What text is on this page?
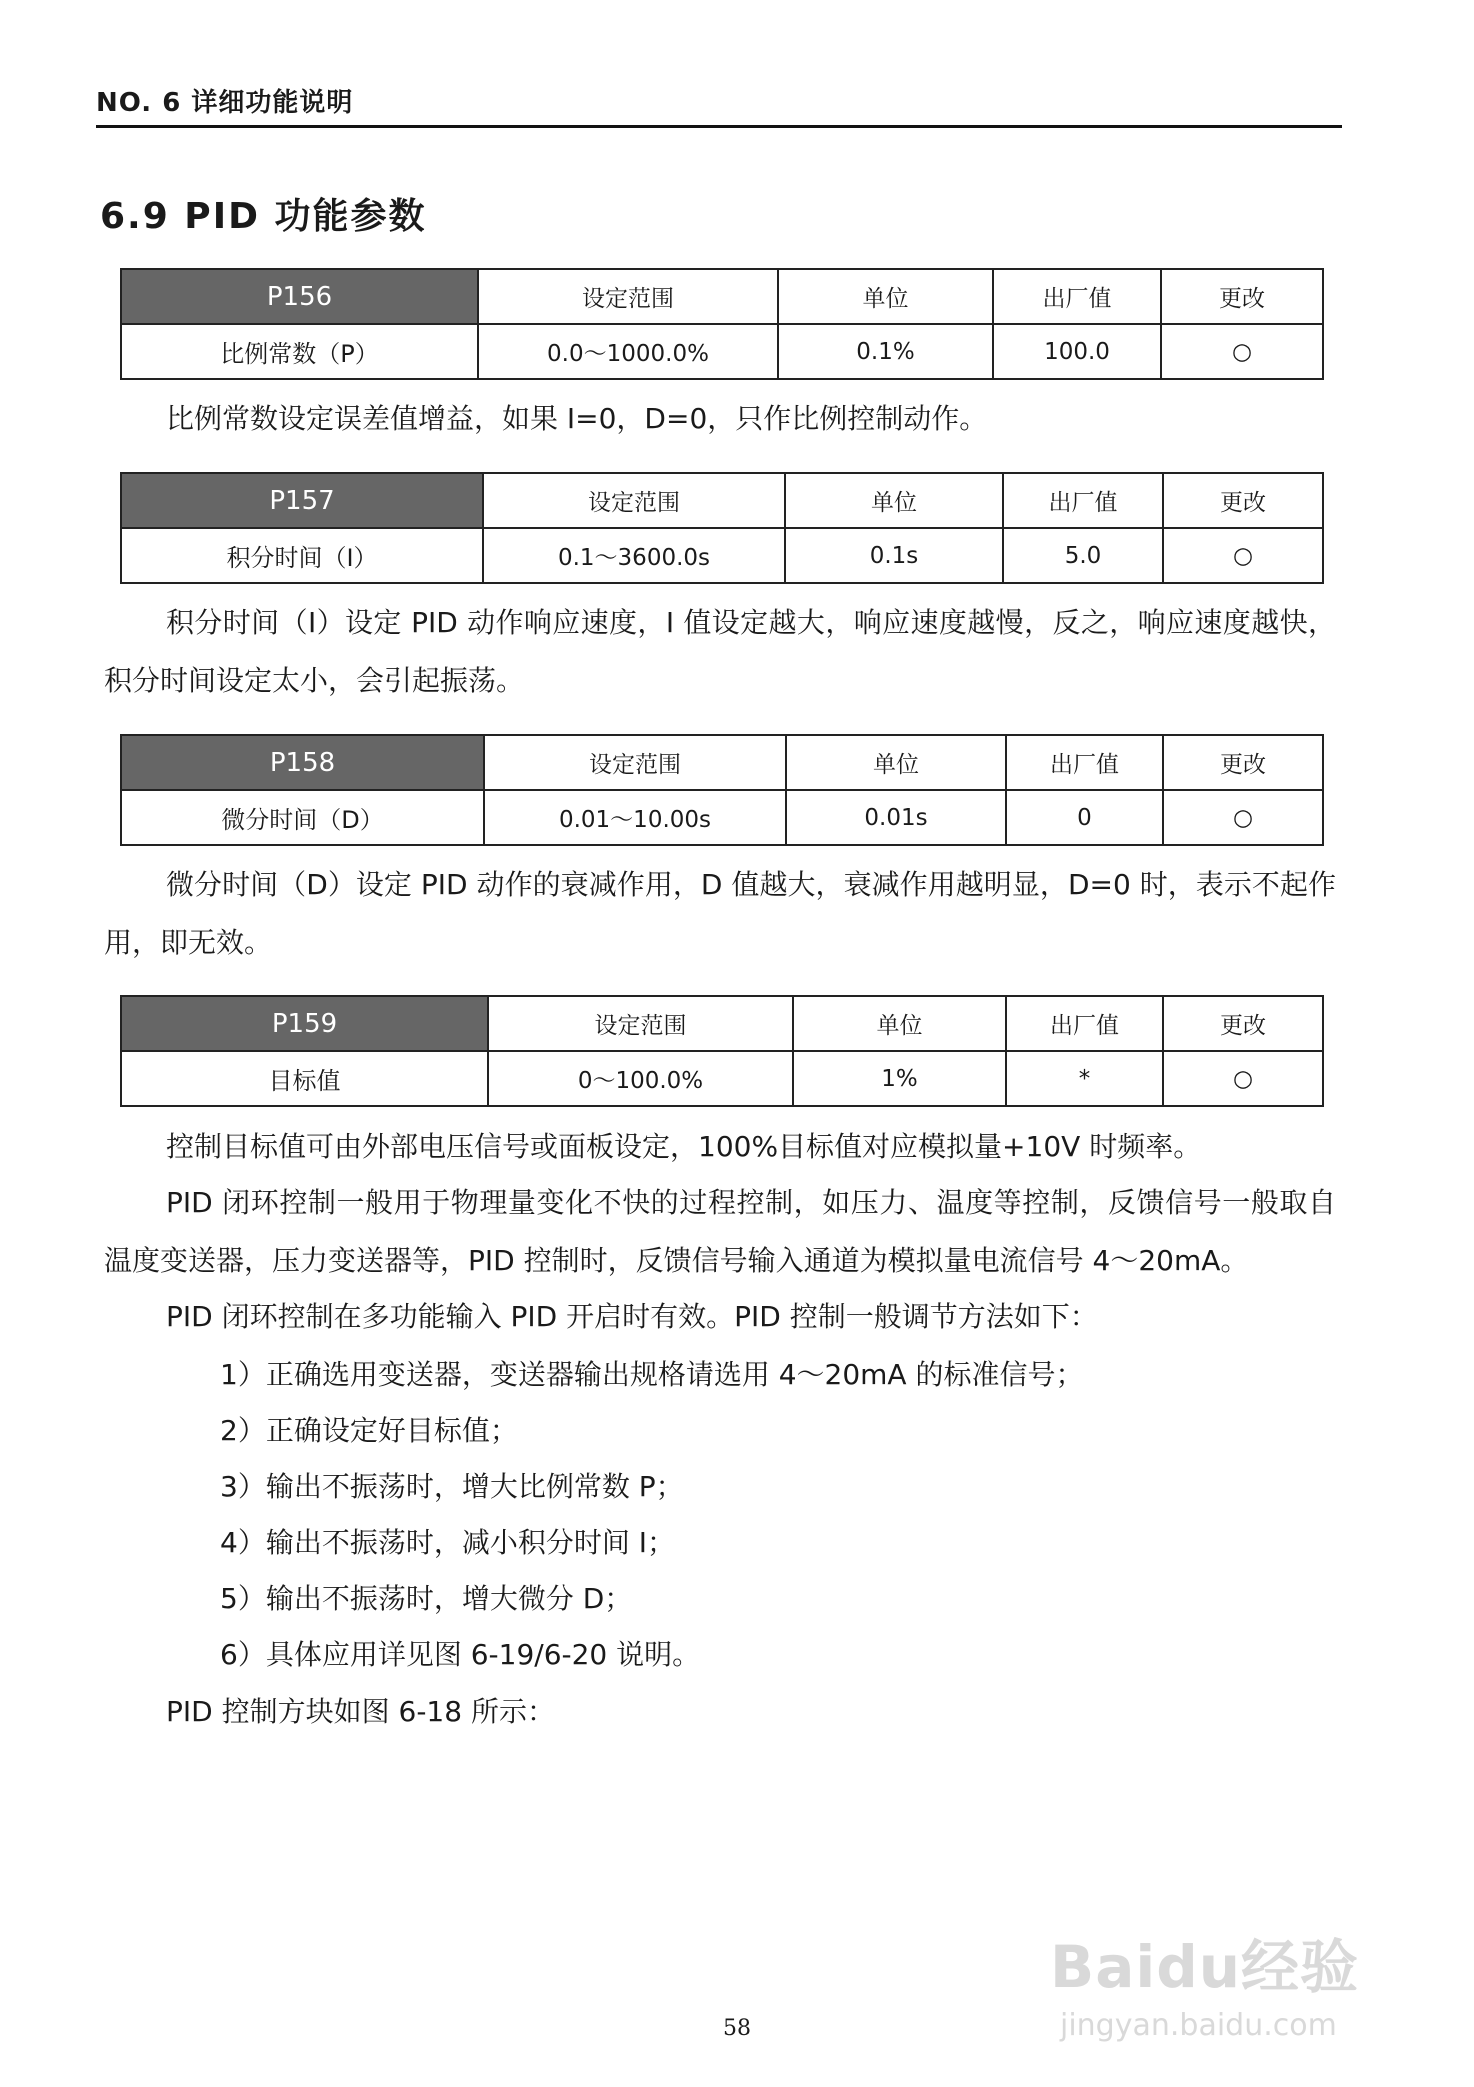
NO. 6 详细功能说明
6.9 PID 功能参数
P156	设定范围	单位	出厂值	更改
比例常数（P）	0.0～1000.0%	0.1%	100.0	○
比例常数设定误差值增益，如果 I=0，D=0，只作比例控制动作。
P157	设定范围	单位	出厂值	更改
积分时间（I）	0.1～3600.0s	0.1s	5.0	○
积分时间（I）设定 PID 动作响应速度，I 值设定越大，响应速度越慢，反之，响应速度越快，积分时间设定太小，会引起振荡。
P158	设定范围	单位	出厂值	更改
微分时间（D）	0.01～10.00s	0.01s	0	○
微分时间（D）设定 PID 动作的衰减作用，D 值越大，衰减作用越明显，D=0 时，表示不起作用，即无效。
P159	设定范围	单位	出厂值	更改
目标值	0～100.0%	1%	*	○
控制目标值可由外部电压信号或面板设定，100%目标值对应模拟量+10V 时频率。
PID 闭环控制一般用于物理量变化不快的过程控制，如压力、温度等控制，反馈信号一般取自温度变送器，压力变送器等，PID 控制时，反馈信号输入通道为模拟量电流信号 4～20mA。
PID 闭环控制在多功能输入 PID 开启时有效。PID 控制一般调节方法如下：
1）正确选用变送器，变送器输出规格请选用 4～20mA 的标准信号；
2）正确设定好目标值；
3）输出不振荡时，增大比例常数 P；
4）输出不振荡时，减小积分时间 I；
5）输出不振荡时，增大微分 D；
6）具体应用详见图 6-19/6-20 说明。
PID 控制方块如图 6-18 所示：
Baidu经验
jingyan.baidu.com
58
